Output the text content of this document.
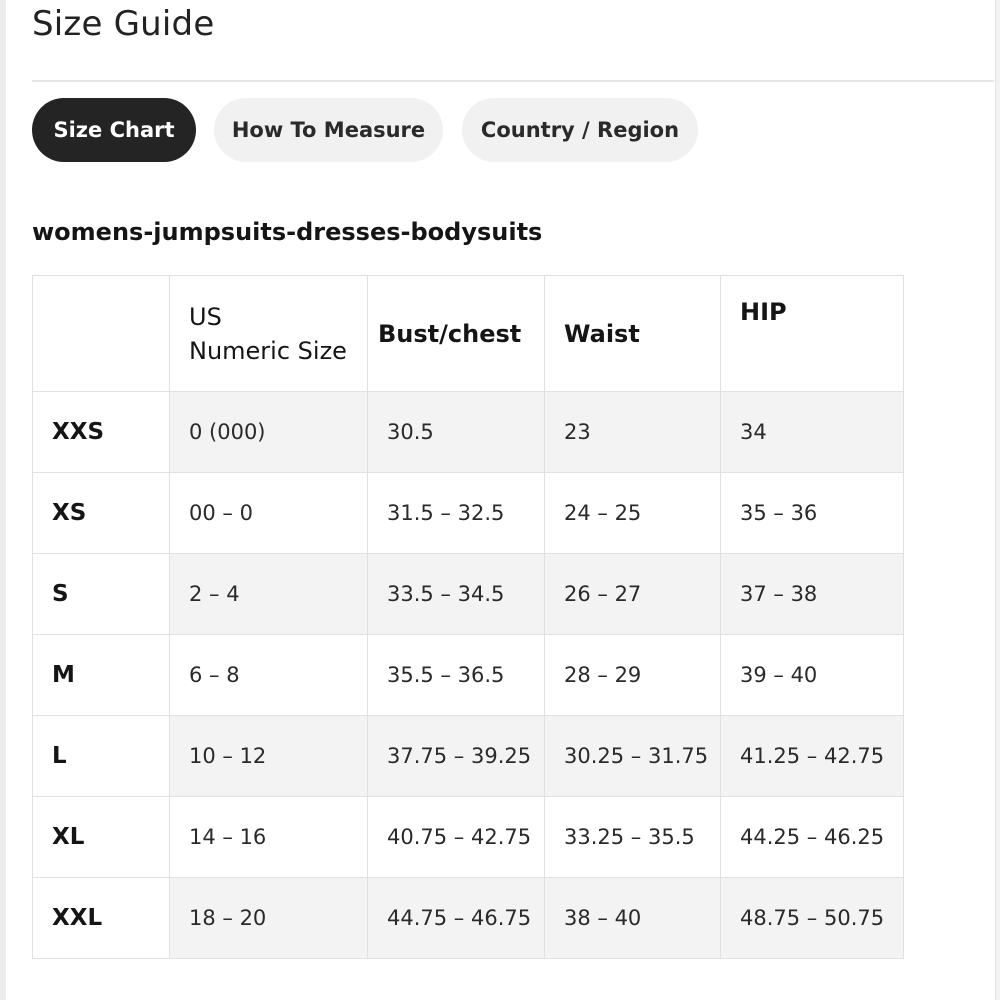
Size Guide
Size Chart	How To Measure	Country / Region
womens-jumpsuits-dresses-bodysuits

	US
Numeric Size	Bust/chest	Waist	HIP
XXS	0 (000)	30.5	23	34
XS	00 – 0	31.5 – 32.5	24 – 25	35 – 36
S	2 – 4	33.5 – 34.5	26 – 27	37 – 38
M	6 – 8	35.5 – 36.5	28 – 29	39 – 40
L	10 – 12	37.75 – 39.25	30.25 – 31.75	41.25 – 42.75
XL	14 – 16	40.75 – 42.75	33.25 – 35.5	44.25 – 46.25
XXL	18 – 20	44.75 – 46.75	38 – 40	48.75 – 50.75
